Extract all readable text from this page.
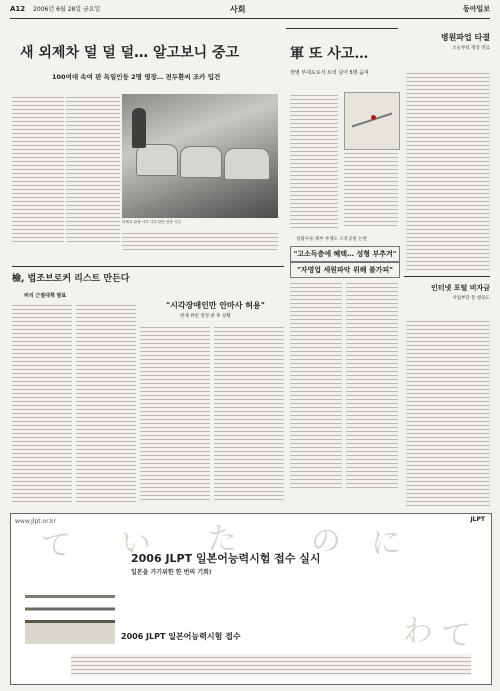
A12 2006년 6월 28일 금요일	사회	동아일보
새 외제차 덜 덜 덜… 알고보니 중고
100여대 속여 판 독일인등 2명 영장… 전두환씨 조카 입건
외제차 판매 사기 사건 관련 현장 사진
軍 또 사고…
장병 부대도로서 트럭 넘어 5명 숨져
병원파업 타결
오늘부터 정상 진료
성범수술·제부 투쟁도 소폭공원 논란
"고소득층에 혜택… 성형 부추겨"
"자영업 세원파악 위해 불가피"
인터넷 포털 비자금
사업부단 문 항을도
檢, 법조브로커 리스트 만든다
비리 근절대책 발표
"시각장애인만 안마사 허용"
헌재 위헌 결정 판 후 상황
www.jlpt.or.kr	JLPT
て い た の に
わ て
2006 JLPT 일본어능력시험 접수 실시
일본을 가기위한 한 번의 기회!
2006 JLPT 일본어능력시험 접수
